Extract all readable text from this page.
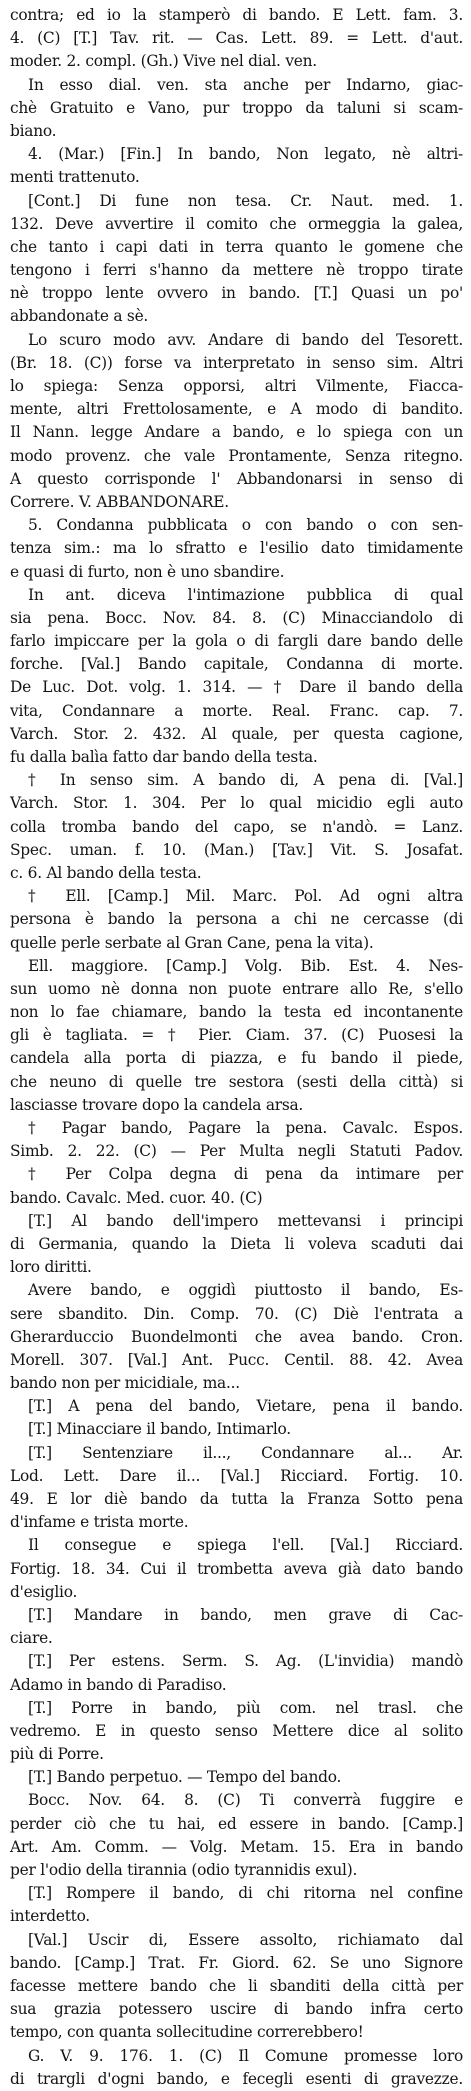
contra; ed io la stamperò di bando. E Lett. fam. 3.
4. (C) [T.] Tav. rit. — Cas. Lett. 89. = Lett. d'aut.
moder. 2. compl. (Gh.) Vive nel dial. ven.
In esso dial. ven. sta anche per Indarno, giac-
chè Gratuito e Vano, pur troppo da taluni si scam-
biano.
4. (Mar.) [Fin.] In bando, Non legato, nè altri-
menti trattenuto.
[Cont.] Di fune non tesa. Cr. Naut. med. 1.
132. Deve avvertire il comito che ormeggia la galea,
che tanto i capi dati in terra quanto le gomene che
tengono i ferri s'hanno da mettere nè troppo tirate
nè troppo lente ovvero in bando. [T.] Quasi un po'
abbandonate a sè.
Lo scuro modo avv. Andare di bando del Tesorett.
(Br. 18. (C)) forse va interpretato in senso sim. Altri
lo spiega: Senza opporsi, altri Vilmente, Fiacca-
mente, altri Frettolosamente, e A modo di bandito.
Il Nann. legge Andare a bando, e lo spiega con un
modo provenz. che vale Prontamente, Senza ritegno.
A questo corrisponde l' Abbandonarsi in senso di
Correre. V. ABBANDONARE.
5. Condanna pubblicata o con bando o con sen-
tenza sim.: ma lo sfratto e l'esilio dato timidamente
e quasi di furto, non è uno sbandire.
In ant. diceva l'intimazione pubblica di qual
sia pena. Bocc. Nov. 84. 8. (C) Minacciandolo di
farlo impiccare per la gola o di fargli dare bando delle
forche. [Val.] Bando capitale, Condanna di morte.
De Luc. Dot. volg. 1. 314. — † Dare il bando della
vita, Condannare a morte. Real. Franc. cap. 7.
Varch. Stor. 2. 432. Al quale, per questa cagione,
fu dalla balìa fatto dar bando della testa.
† In senso sim. A bando di, A pena di. [Val.]
Varch. Stor. 1. 304. Per lo qual micidio egli auto
colla tromba bando del capo, se n'andò. = Lanz.
Spec. uman. f. 10. (Man.) [Tav.] Vit. S. Josafat.
c. 6. Al bando della testa.
† Ell. [Camp.] Mil. Marc. Pol. Ad ogni altra
persona è bando la persona a chi ne cercasse (di
quelle perle serbate al Gran Cane, pena la vita).
Ell. maggiore. [Camp.] Volg. Bib. Est. 4. Nes-
sun uomo nè donna non puote entrare allo Re, s'ello
non lo fae chiamare, bando la testa ed incontanente
gli è tagliata. = † Pier. Ciam. 37. (C) Puosesi la
candela alla porta di piazza, e fu bando il piede,
che neuno di quelle tre sestora (sesti della città) si
lasciasse trovare dopo la candela arsa.
† Pagar bando, Pagare la pena. Cavalc. Espos.
Simb. 2. 22. (C) — Per Multa negli Statuti Padov.
† Per Colpa degna di pena da intimare per
bando. Cavalc. Med. cuor. 40. (C)
[T.] Al bando dell'impero mettevansi i principi
di Germania, quando la Dieta li voleva scaduti dai
loro diritti.
Avere bando, e oggidì piuttosto il bando, Es-
sere sbandito. Din. Comp. 70. (C) Diè l'entrata a
Gherarduccio Buondelmonti che avea bando. Cron.
Morell. 307. [Val.] Ant. Pucc. Centil. 88. 42. Avea
bando non per micidiale, ma...
[T.] A pena del bando, Vietare, pena il bando.
[T.] Minacciare il bando, Intimarlo.
[T.] Sentenziare il..., Condannare al... Ar.
Lod. Lett. Dare il... [Val.] Ricciard. Fortig. 10.
49. E lor diè bando da tutta la Franza Sotto pena
d'infame e trista morte.
Il consegue e spiega l'ell. [Val.] Ricciard.
Fortig. 18. 34. Cui il trombetta aveva già dato bando
d'esiglio.
[T.] Mandare in bando, men grave di Cac-
ciare.
[T.] Per estens. Serm. S. Ag. (L'invidia) mandò
Adamo in bando di Paradiso.
[T.] Porre in bando, più com. nel trasl. che
vedremo. E in questo senso Mettere dice al solito
più di Porre.
[T.] Bando perpetuo. — Tempo del bando.
Bocc. Nov. 64. 8. (C) Ti converrà fuggire e
perder ciò che tu hai, ed essere in bando. [Camp.]
Art. Am. Comm. — Volg. Metam. 15. Era in bando
per l'odio della tirannia (odio tyrannidis exul).
[T.] Rompere il bando, di chi ritorna nel confine
interdetto.
[Val.] Uscir di, Essere assolto, richiamato dal
bando. [Camp.] Trat. Fr. Giord. 62. Se uno Signore
facesse mettere bando che li sbanditi della città per
sua grazia potessero uscire di bando infra certo
tempo, con quanta sollecitudine correrebbero!
G. V. 9. 176. 1. (C) Il Comune promesse loro
di trargli d'ogni bando, e fecegli esenti di gravezze.
